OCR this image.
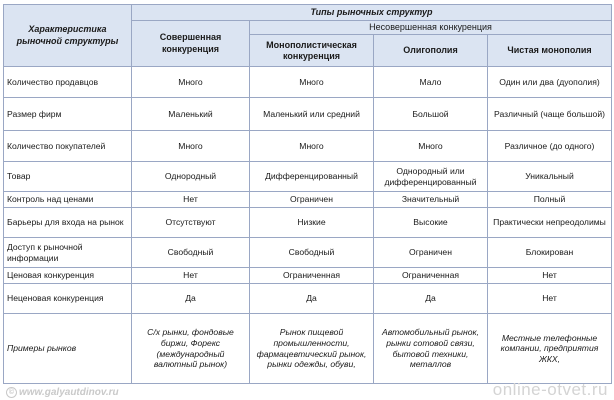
Характеристика рыночной структуры	Типы рыночных структур			
	Совершенная конкуренция	Несовершенная конкуренция		
		Монополистическая конкуренция	Олигополия	Чистая монополия
Количество продавцов	Много	Много	Мало	Один или два (дуополия)
Размер фирм	Маленький	Маленький или средний	Большой	Различный (чаще большой)
Количество покупателей	Много	Много	Много	Различное (до одного)
Товар	Однородный	Дифференцированный	Однородный или дифференцированный	Уникальный
Контроль над ценами	Нет	Ограничен	Значительный	Полный
Барьеры для входа на рынок	Отсутствуют	Низкие	Высокие	Практически непреодолимы
Доступ к рыночной информации	Свободный	Свободный	Ограничен	Блокирован
Ценовая конкуренция	Нет	Ограниченная	Ограниченная	Нет
Неценовая конкуренция	Да	Да	Да	Нет
Примеры рынков	С/х рынки, фондовые биржи, Форекс (международный валютный рынок)	Рынок пищевой промышленности, фармацевтический рынок, рынки одежды, обуви,	Автомобильный рынок, рынки сотовой связи, бытовой техники, металлов	Местные телефонные компании, предприятия ЖКХ,
© www.galyautdinov.ru	online-otvet.ru
